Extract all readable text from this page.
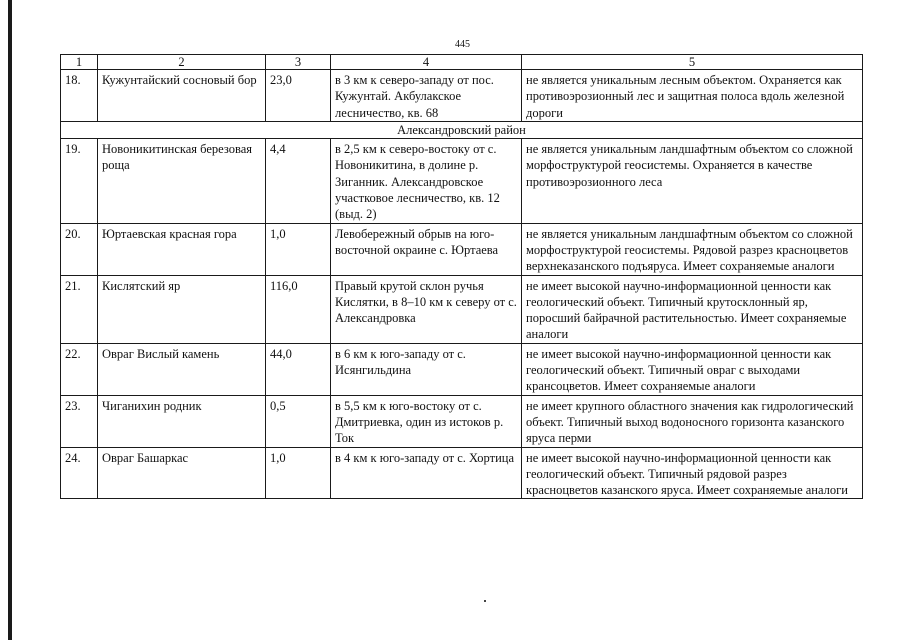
445
1	2	3	4	5
18.	Кужунтайский сосновый бор	23,0	в 3 км к северо-западу от пос. Кужунтай. Акбулакское лесничество, кв. 68	не является уникальным лесным объектом. Охраняется как противоэрозионный лес и защитная полоса вдоль железной дороги
Александровский район				
19.	Новоникитинская березовая роща	4,4	в 2,5 км к северо-востоку от с. Новоникитина, в долине р. Зиганник. Александровское участковое лесничество, кв. 12 (выд. 2)	не является уникальным ландшафтным объектом со сложной морфоструктурой геосистемы. Охраняется в качестве противоэрозионного леса
20.	Юртаевская красная гора	1,0	Левобережный обрыв на юго-восточной окраине с. Юртаева	не является уникальным ландшафтным объектом со сложной морфоструктурой геосистемы. Рядовой разрез красноцветов верхнеказанского подъяруса. Имеет сохраняемые аналоги
21.	Кислятский яр	116,0	Правый крутой склон ручья Кислятки, в 8–10 км к северу от с. Александровка	не имеет высокой научно-информационной ценности как геологический объект. Типичный крутосклонный яр, поросший байрачной растительностью. Имеет сохраняемые аналоги
22.	Овраг Вислый камень	44,0	в 6 км к юго-западу от с. Исянгильдина	не имеет высокой научно-информационной ценности как геологический объект. Типичный овраг с выходами крансоцветов. Имеет сохраняемые аналоги
23.	Чиганихин родник	0,5	в 5,5 км к юго-востоку от с. Дмитриевка, один из истоков р. Ток	не имеет крупного областного значения как гидрологический объект. Типичный выход водоносного горизонта казанского яруса перми
24.	Овраг Башаркас	1,0	в 4 км к юго-западу от с. Хортица	не имеет высокой научно-информационной ценности как геологический объект. Типичный рядовой разрез красноцветов казанского яруса. Имеет сохраняемые аналоги
